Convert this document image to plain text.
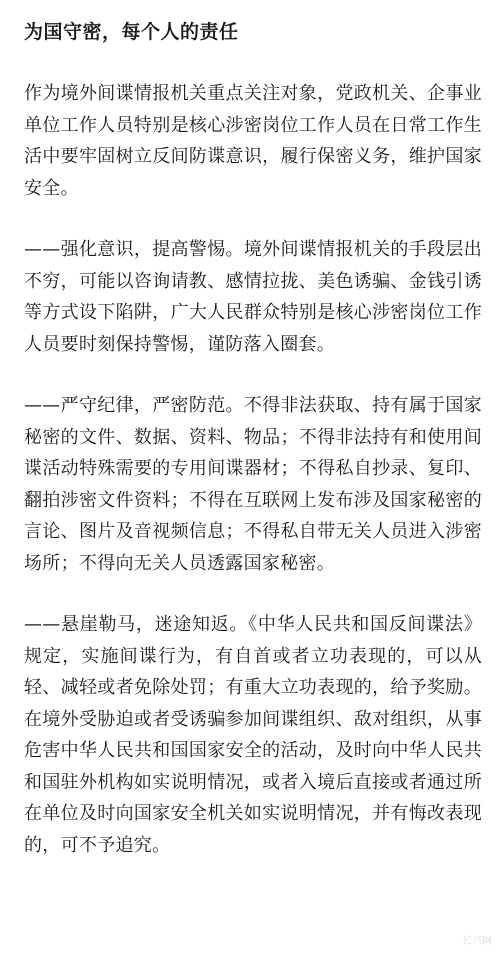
为国守密，每个人的责任

作为境外间谍情报机关重点关注对象，党政机关、企事业单位工作人员特别是核心涉密岗位工作人员在日常工作生活中要牢固树立反间防谍意识，履行保密义务，维护国家安全。

——强化意识，提高警惕。境外间谍情报机关的手段层出不穷，可能以咨询请教、感情拉拢、美色诱骗、金钱引诱等方式设下陷阱，广大人民群众特别是核心涉密岗位工作人员要时刻保持警惕，谨防落入圈套。

——严守纪律，严密防范。不得非法获取、持有属于国家秘密的文件、数据、资料、物品；不得非法持有和使用间谍活动特殊需要的专用间谍器材；不得私自抄录、复印、翻拍涉密文件资料；不得在互联网上发布涉及国家秘密的言论、图片及音视频信息；不得私自带无关人员进入涉密场所；不得向无关人员透露国家秘密。

——悬崖勒马，迷途知返。《中华人民共和国反间谍法》规定，实施间谍行为，有自首或者立功表现的，可以从轻、减轻或者免除处罚；有重大立功表现的，给予奖励。在境外受胁迫或者受诱骗参加间谍组织、敌对组织，从事危害中华人民共和国国家安全的活动，及时向中华人民共和国驻外机构如实说明情况，或者入境后直接或者通过所在单位及时向国家安全机关如实说明情况，并有悔改表现的，可不予追究。

长兴网
